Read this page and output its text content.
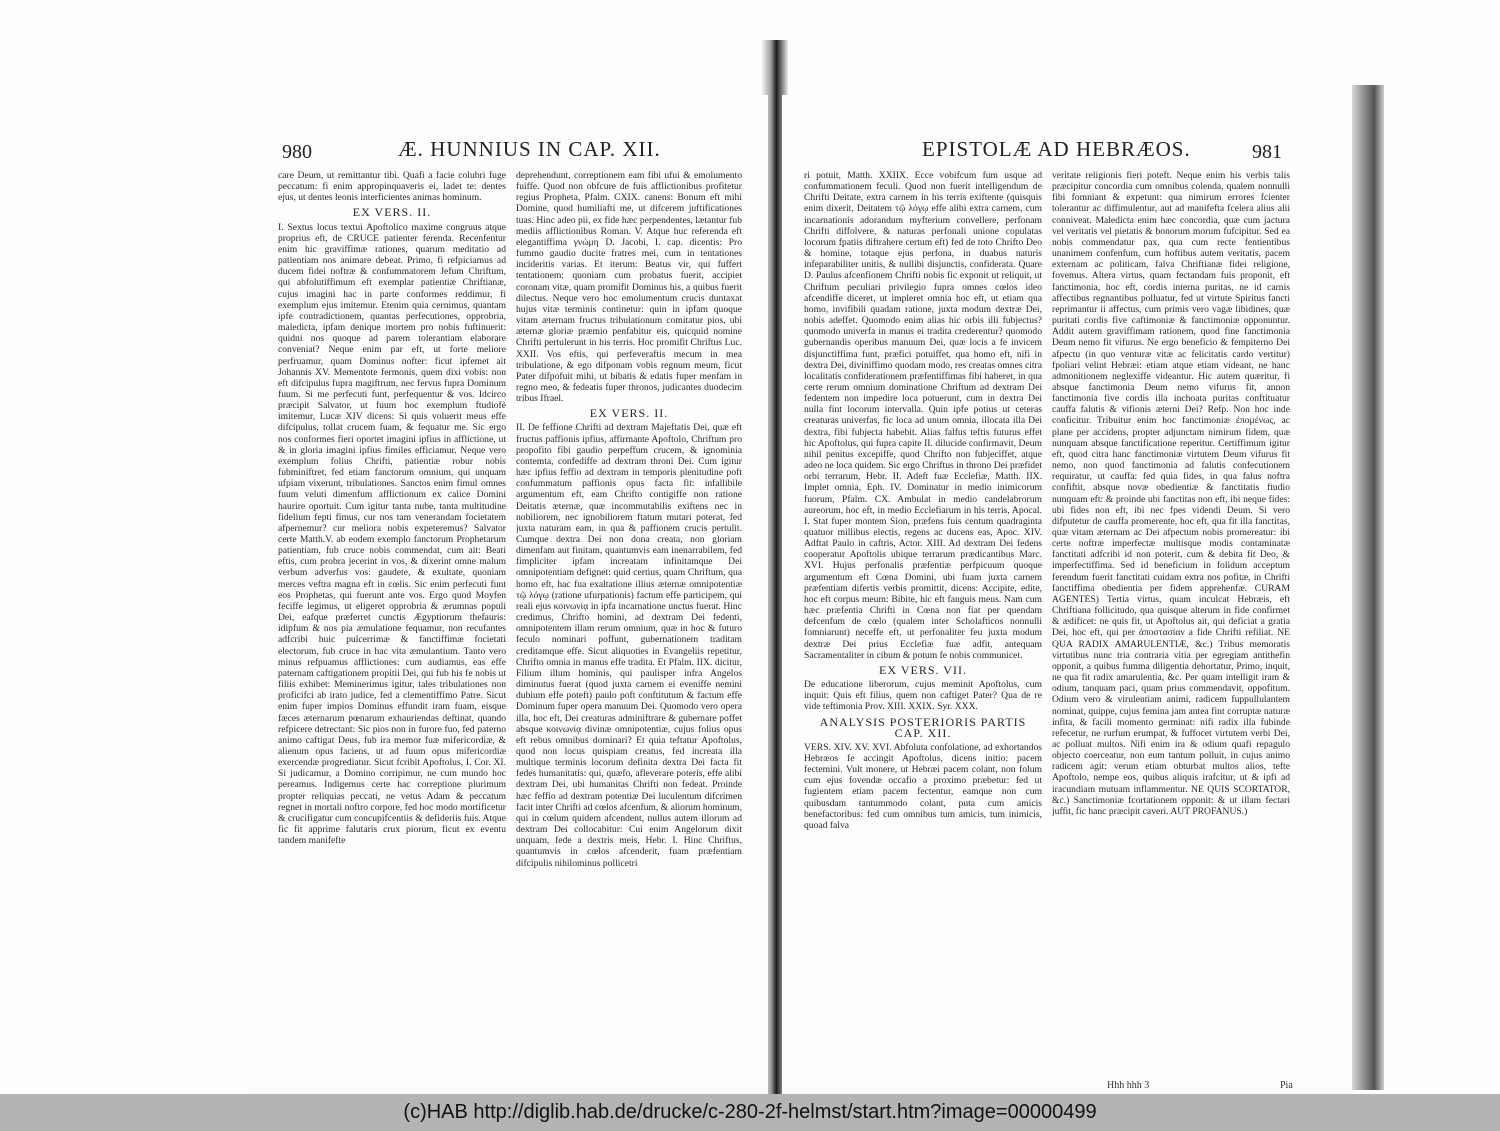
980	Æ. HUNNIUS IN CAP. XII.

care Deum, ut remittantur tibi. Quafi a facie colubri fuge peccatum: fi enim appropinquaveris ei, ladet te: dentes ejus, ut dentes leonis interficientes animas hominum.

EX VERS. II.

I. Sextus locus textui Apoftolico maxime congruus atque proprius eft, de CRUCE patienter ferenda. Recenfentur enim hic graviffimæ rationes, quarum meditatio ad patientiam nos animare debeat. Primo, fi refpiciamus ad ducem fidei noftræ & confummatorem Jefum Chriftum, qui abfolutiffimum eft exemplar patientiæ Chriftianæ, cujus imagini hac in parte conformes reddimur, fi exemplum ejus imitemur. Etenim quia cernimus, quantam ipfe contradictionem, quantas perfecutiones, opprobria, maledicta, ipfam denique mortem pro nobis fuftinuerit: quidni nos quoque ad parem tolerantiam elaborare conveniat? Neque enim par eft, ut forte meliore perfruamur, quam Dominus nofter: ficut ipfemet ait Johannis XV. Mementote fermonis, quem dixi vobis: non eft difcipulus fupra magiftrum, nec fervus fupra Dominum fuum. Si me perfecuti funt, perfequentur & vos. Idcirco præcipit Salvator, ut fuum hoc exemplum ftudiofè imitemur, Lucæ XIV dicens: Si quis voluerit meus effe difcipulus, tollat crucem fuam, & fequatur me. Sic ergo nos conformes fieri oportet imagini ipfius in afflictione, ut & in gloria imagini ipfius fimiles efficiamur. Neque vero exemplum folius Chrifti, patientiæ robur nobis fubminiftret, fed etiam fanctorum omnium, qui unquam ufpiam vixerunt, tribulationes. Sanctos enim fimul omnes fuum veluti dimenfum afflictionum ex calice Domini haurire oportuit. Cum igitur tanta nube, tanta multitudine fidelium fepti fimus, cur nos tam venerandam focietatem afpernemur? cur meliora nobis expeteremus? Salvator certe Matth.V. ab eodem exemplo fanctorum Prophetarum patientiam, fub cruce nobis commendat, cum ait: Beati eftis, cum probra jecerint in vos, & dixerint omne malum verbum adverfus vos: gaudete, & exultate, quoniam merces veftra magna eft in cœlis. Sic enim perfecuti funt eos Prophetas, qui fuerunt ante vos. Ergo quod Moyfen feciffe legimus, ut eligeret opprobria & ærumnas populi Dei, eafque præferret cunctis Ægyptiorum thefauris: idipfum & nos pia æmulatione fequamur, non recufantes adfcribi huic pulcerrimæ & fanctiffimæ focietati electorum, fub cruce in hac vita æmulantium. Tanto vero minus refpuamus afflictiones: cum audiamus, eas effe paternam caftigationem propitii Dei, qui fub his fe nobis ut filiis exhibet: Meminerimus igitur, tales tribulationes non proficifci ab irato judice, fed a clementiffimo Patre. Sicut enim fuper impios Dominus effundit iram fuam, eisque fæces æternarum pœnarum exhauriendas deftinat, quando refpicere detrectant: Sic pios non in furore fuo, fed paterno animo caftigat Deus, fub ira memor fuæ mifericordiæ, & alienum opus faciens, ut ad fuum opus mifericordiæ exercendæ progrediatur. Sicut fcribit Apoftolus, I. Cor. XI. Si judicamur, a Domino corripimur, ne cum mundo hoc pereamus. Indigemus certe hac correptione plurimum propter reliquias peccati, ne vetus Adam & peccatum regnet in mortali noftro corpore, fed hoc modo mortificetur & crucifigatur cum concupifcentiis & defideriis fuis. Atque fic fit apprime falutaris crux piorum, ficut ex eventu tandem manifefte

deprehendunt, correptionem eam fibi ufui & emolumento fuiffe. Quod non obfcure de fuis afflictionibus profitetur regius Propheta, Pfalm. CXIX. canens: Bonum eft mihi Domine, quod humiliafti me, ut difcerem juftificationes tuas. Hinc adeo pii, ex fide hæc perpendentes, lætantur fub mediis afflictionibus Roman. V. Atque huc referenda eft elegantiffima γνώμη D. Jacobi, I. cap. dicentis: Pro fummo gaudio ducite fratres mei, cum in tentationes incideritis varias. Et iterum: Beatus vir, qui fuffert tentationem: quoniam cum probatus fuerit, accipiet coronam vitæ, quam promifit Dominus his, a quibus fuerit dilectus. Neque vero hoc emolumentum crucis duntaxat hujus vitæ terminis continetur: quin in ipfam quoque vitam æternam fructus tribulationum comitatur pios, ubi æternæ gloriæ præmio penfabitur eis, quicquid nomine Chrifti pertulerunt in his terris. Hoc promifit Chriftus Luc. XXII. Vos eftis, qui perfeveraftis mecum in mea tribulatione, & ego difponam vobis regnum meum, ficut Pater difpofuit mihi, ut bibatis & edatis fuper menfam in regno meo, & fedeatis fuper thronos, judicantes duodecim tribus Ifrael.

EX VERS. II.

II. De feffione Chrifti ad dextram Majeftatis Dei, quæ eft fructus paffionis ipfius, affirmante Apoftolo, Chriftum pro propofito fibi gaudio perpeffum crucem, & ignominia contemta, confediffe ad dextram throni Dei. Cum igitur hæc ipfius feffio ad dextram in temporis plenitudine poft confummatum paffionis opus facta fit: infallibile argumentum eft, eam Chrifto contigiffe non ratione Deitatis æternæ, quæ incommutabilis exiftens nec in nobiliorem, nec ignobiliorem ftatum mutari poterat, fed juxta naturam eam, in qua & paffionem crucis pertulit. Cumque dextra Dei non dona creata, non gloriam dimenfam aut finitam, quantumvis eam inenarrabilem, fed fimpliciter ipfam increatam infinitamque Dei omnipotentiam defignet: quid certius, quam Chriftum, qua homo eft, hac fua exaltatione illius æternæ omnipotentiæ τῷ λόγῳ (ratione ufurpationis) factum effe participem, qui reali ejus κοινωνίᾳ in ipfa incarnatione unctus fuerat. Hinc credimus, Chrifto homini, ad dextram Dei fedenti, omnipotentem illam rerum omnium, quæ in hoc & futuro feculo nominari poffunt, gubernationem traditam creditamque effe. Sicut aliquoties in Evangeliis repetitur, Chrifto omnia in manus effe tradita. Et Pfalm. IIX. dicitur, Filium illum hominis, qui paulisper infra Angelos diminutus fuerat (quod juxta carnem ei eveniffe nemini dubium effe poteft) paulo poft conftitutum & factum effe Dominum fuper opera manuum Dei. Quomodo vero opera illa, hoc eft, Dei creaturas adminiftrare & gubernare poffet absque κοινωνίᾳ divinæ omnipotentiæ, cujus folius opus eft rebus omnibus dominari? Et quia teftatur Apoftolus, quod non locus quispiam creatus, fed increata illa multique terminis locorum definita dextra Dei facta fit fedes humanitatis: qui, quæfo, afleverare poteris, effe alibi dextram Dei, ubi humanitas Chrifti non fedeat. Proinde hæc feffio ad dextram potentiæ Dei luculentum difcrimen facit inter Chrifti ad cœlos afcenfum, & aliorum hominum, qui in cœlum quidem afcendent, nullus autem illorum ad dextram Dei collocabitur: Cui enim Angelorum dixit unquam, fede a dextris meis, Hebr. I. Hinc Chriftus, quantumvis in cœlos afcenderit, fuam præfentiam difcipulis nihilominus pollicetri

EPISTOLÆ AD HEBRÆOS.	981

ri potuit, Matth. XXIIX. Ecce vobifcum fum usque ad confummationem feculi. Quod non fuerit intelligendum de Chrifti Deitate, extra carnem in his terris exiftente (quisquis enim dixerit, Deitatem τῷ λόγῳ effe alibi extra carnem, cum incarnationis adorandum myfterium convellere, perfonam Chrifti diffolvere, & naturas perfonali unione copulatas locorum fpatiis diftrahere certum eft) fed de toto Chrifto Deo & homine, totaque ejus perfona, in duabus naturis infeparabiliter unitis, & nullibi disjunctis, confiderata. Quare D. Paulus afcenfionem Chrifti nobis fic exponit ut reliquit, ut Chriftum peculiari privilegio fupra omnes cœlos ideo afcendiffe diceret, ut impleret omnia hoc eft, ut etiam qua homo, invifibili quadam ratione, juxta modum dextræ Dei, nobis adeffet. Quomodo enim alias hic orbis illi fubjectus? quomodo univerfa in manus ei tradita crederentur? quomodo gubernandis operibus manuum Dei, quæ locis a fe invicem disjunctiffima funt, præfici potuiffet, qua homo eft, nifi in dextra Dei, diviniffimo quodam modo, res creatas omnes citra localitatis confiderationem præfentiffimas fibi haberet, in qua certe rerum omnium dominatione Chriftum ad dextram Dei fedentem non impedire loca potuerunt, cum in dextra Dei nulla fint locorum intervalla. Quin ipfe potius ut ceteras creaturas univerfas, fic loca ad unum omnia, illocata illa Dei dextra, fibi fubjecta habebit. Alias falfus teftis futurus effet hic Apoftolus, qui fupra capite II. dilucide confirmavit, Deum nihil penitus excepiffe, quod Chrifto non fubjeciffet, atque adeo ne loca quidem. Sic ergo Chriftus in throno Dei præfidet orbi terrarum, Hebr. II. Adeft fuæ Ecclefiæ, Matth. IIX. Implet omnia, Eph. IV. Dominatur in medio inimicorum fuorum, Pfalm. CX. Ambulat in medio candelabrorum aureorum, hoc eft, in medio Ecclefiarum in his terris, Apocal. I. Stat fuper montem Sion, præfens fuis centum quadraginta quatuor millibus electis, regens ac ducens eas, Apoc. XIV. Adftat Paulo in caftris, Actor. XIII. Ad dextram Dei fedens cooperatur Apoftolis ubique terrarum prædicantibus Marc. XVI. Hujus perfonalis præfentiæ perfpicuum quoque argumentum eft Cœna Domini, ubi fuam juxta carnem præfentiam difertis verbis promittit, dicens: Accipite, edite, hoc eft corpus meum: Bibite, hic eft fanguis meus. Nam cum hæc præfentia Chrifti in Cœna non fiat per quendam defcenfum de cœlo (qualem inter Scholafticos nonnulli fomniarunt) neceffe eft, ut perfonaliter feu juxta modum dextræ Dei prius Ecclefiæ fuæ adfit, antequam Sacramentaliter in cibum & potum fe nobis communicet.

EX VERS. VII.

De educatione liberorum, cujus meminit Apoftolus, cum inquit: Quis eft filius, quem non caftiget Pater? Qua de re vide teftimonia Prov. XIII. XXIX. Syr. XXX.

ANALYSIS POSTERIORIS PARTIS CAP. XII.

VERS. XIV. XV. XVI. Abfoluta confolatione, ad exhortandos Hebræos fe accingit Apoftolus, dicens initio: pacem fectemini. Vult monere, ut Hebræi pacem colant, non folum cum ejus fovendæ occafio a proximo præbetur: fed ut fugientem etiam pacem fectentur, eamque non cum quibusdam tantummodo colant, puta cum amicis benefactoribus: fed cum omnibus tum amicis, tum inimicis, quoad falva

veritate religionis fieri poteft. Neque enim his verbis talis præcipitur concordia cum omnibus colenda, qualem nonnulli fibi fomniant & expetunt: qua nimirum errores fcienter tolerantur ac diffimulentur, aut ad manifefta fcelera alius alii conniveat. Maledicta enim hæc concordia, quæ cum jactura vel veritatis vel pietatis & bonorum morum fufcipitur. Sed ea nobis commendatur pax, qua cum recte fentientibus unanimem confenfum, cum hoftibus autem veritatis, pacem externam ac politicam, falva Chriftianæ fidei religione, fovemus. Altera virtus, quam fectandam fuis proponit, eft fanctimonia, hoc eft, cordis interna puritas, ne id carnis affectibus regnantibus polluatur, fed ut virtute Spiritus fancti reprimantur ii affectus, cum primis vero vagæ libidines, quæ puritati cordis five caftimoniæ & fanctimoniæ opponuntur. Addit autem graviffimam rationem, quod fine fanctimonia Deum nemo fit vifurus. Ne ergo beneficio & fempiterno Dei afpectu (in quo venturæ vitæ ac felicitatis cardo vertitur) fpoliari velint Hebræi: etiam atque etiam videant, ne hanc admonitionem neglexiffe videantur. Hic autem quæritur, fi absque fanctimonia Deum nemo vifurus fit, annon fanctimonia five cordis illa inchoata puritas conftituatur cauffa falutis & vifionis æterni Dei? Refp. Non hoc inde conficitur. Tribuitur enim hoc fanctimoniæ ἐπομένως, ac plane per accidens, propter adjunctam nimirum fidem, quæ nunquam absque fanctificatione reperitur. Certiffimum igitur eft, quod citra hanc fanctimoniæ virtutem Deum vifurus fit nemo, non quod fanctimonia ad falutis confecutionem requiratur, ut cauffa: fed quia fides, in qua falus noftra confiftit, absque novæ obedientiæ & fanctitatis ftudio nunquam eft: & proinde ubi fanctitas non eft, ibi neque fides: ubi fides non eft, ibi nec fpes videndi Deum. Si vero difputetur de cauffa promerente, hoc eft, qua fit illa fanctitas, quæ vitam æternam ac Dei afpectum nobis promereatur: ibi certe noftræ imperfectæ multisque modis contaminatæ fanctitati adfcribi id non poterit, cum & debita fit Deo, & imperfectiffima. Sed id beneficium in folidum acceptum ferendum fuerit fanctitati cuidam extra nos pofitæ, in Chrifti fanctiffima obedientia per fidem apprehenfæ. CURAM AGENTES) Tertia virtus, quam inculcat Hebræis, eft Chriftiana follicitudo, qua quisque alterum in fide confirmet & ædificet: ne quis fit, ut Apoftolus ait, qui deficiat a gratia Dei, hoc eft, qui per ἀποστασίαν a fide Chrifti refiliat. NE QUA RADIX AMARULENTIÆ, &c.) Tribus memoratis virtutibus nunc tria contraria vitia per egregiam antithefin opponit, a quibus fumma diligentia dehortatur, Primo, inquit, ne qua fit radix amarulentia, &c. Per quam intelligit iram & odium, tanquam paci, quam prius commendavit, oppofitum. Odium vero & virulentiam animi, radicem fuppullulantem nominat, quippe, cujus femina jam antea fint corruptæ naturæ infita, & facili momento germinat: nifi radix illa fubinde refecetur, ne rurfum erumpat, & fuffocet virtutem verbi Dei, ac polluat multos. Nifi enim ira & odium quafi repagulo objecto coerceatur, non eum tantum polluit, in cujus animo radicem agit: verum etiam obturbat multos alios, tefte Apoftolo, nempe eos, quibus aliquis irafcitur, ut & ipfi ad iracundiam mutuam inflammentur. NE QUIS SCORTATOR, &c.) Sanctimoniæ fcortationem opponit: & ut illam fectari juffit, fic hanc præcipit caveri. AUT PROFANUS.)

Hhh hhh 3	Pia
(c)HAB http://diglib.hab.de/drucke/c-280-2f-helmst/start.htm?image=00000499
